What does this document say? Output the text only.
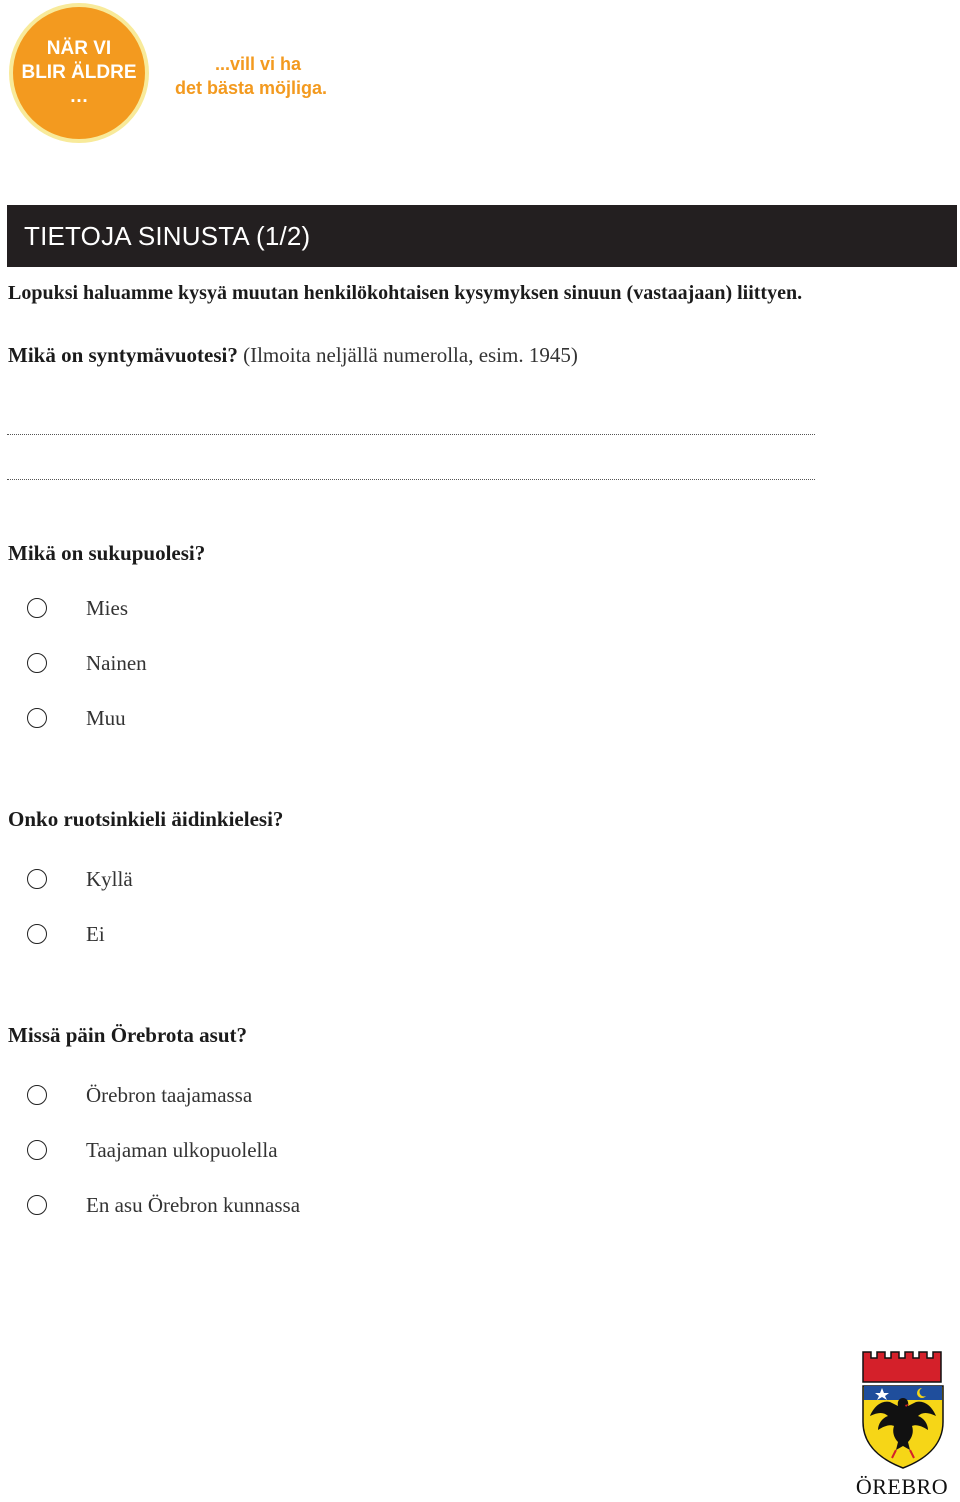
NÄR VI
BLIR ÄLDRE
…
...vill vi ha
det bästa möjliga.
TIETOJA SINUSTA (1/2)
Lopuksi haluamme kysyä muutan henkilökohtaisen kysymyksen sinuun (vastaajaan) liittyen.
Mikä on syntymävuotesi? (Ilmoita neljällä numerolla, esim. 1945)
Mikä on sukupuolesi?
Mies
Nainen
Muu
Onko ruotsinkieli äidinkielesi?
Kyllä
Ei
Missä päin Örebrota asut?
Örebron taajamassa
Taajaman ulkopuolella
En asu Örebron kunnassa
ÖREBRO
